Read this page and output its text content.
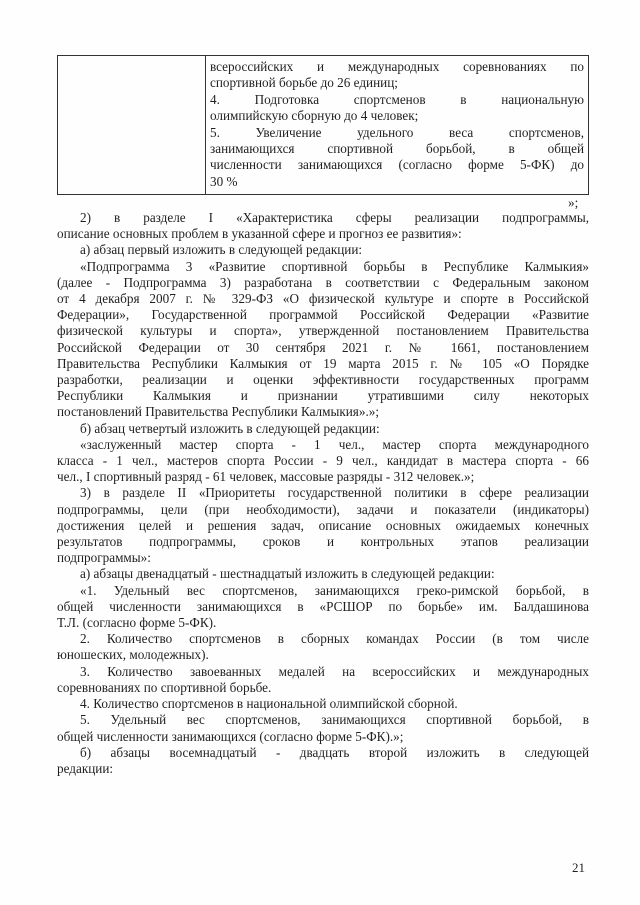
всероссийских и международных соревнованиях по
спортивной борьбе до 26 единиц;
4. Подготовка спортсменов в национальную
олимпийскую сборную до 4 человек;
5. Увеличение удельного веса спортсменов,
занимающихся спортивной борьбой, в общей
численности занимающихся (согласно форме 5-ФК) до
30 %
»;
2) в разделе I «Характеристика сферы реализации подпрограммы,
описание основных проблем в указанной сфере и прогноз ее развития»:
а) абзац первый изложить в следующей редакции:
«Подпрограмма 3 «Развитие спортивной борьбы в Республике Калмыкия»
(далее - Подпрограмма 3) разработана в соответствии с Федеральным законом
от 4 декабря 2007 г. № 329-ФЗ «О физической культуре и спорте в Российской
Федерации», Государственной программой Российской Федерации «Развитие
физической культуры и спорта», утвержденной постановлением Правительства
Российской Федерации от 30 сентября 2021 г. № 1661, постановлением
Правительства Республики Калмыкия от 19 марта 2015 г. № 105 «О Порядке
разработки, реализации и оценки эффективности государственных программ
Республики Калмыкия и признании утратившими силу некоторых
постановлений Правительства Республики Калмыкия».»;
б) абзац четвертый изложить в следующей редакции:
«заслуженный мастер спорта - 1 чел., мастер спорта международного
класса - 1 чел., мастеров спорта России - 9 чел., кандидат в мастера спорта - 66
чел., I спортивный разряд - 61 человек, массовые разряды - 312 человек.»;
3) в разделе II «Приоритеты государственной политики в сфере реализации
подпрограммы, цели (при необходимости), задачи и показатели (индикаторы)
достижения целей и решения задач, описание основных ожидаемых конечных
результатов подпрограммы, сроков и контрольных этапов реализации
подпрограммы»:
а) абзацы двенадцатый - шестнадцатый изложить в следующей редакции:
«1. Удельный вес спортсменов, занимающихся греко-римской борьбой, в
общей численности занимающихся в «РСШОР по борьбе» им. Балдашинова
Т.Л. (согласно форме 5-ФК).
2. Количество спортсменов в сборных командах России (в том числе
юношеских, молодежных).
3. Количество завоеванных медалей на всероссийских и международных
соревнованиях по спортивной борьбе.
4. Количество спортсменов в национальной олимпийской сборной.
5. Удельный вес спортсменов, занимающихся спортивной борьбой, в
общей численности занимающихся (согласно форме 5-ФК).»;
б) абзацы восемнадцатый - двадцать второй изложить в следующей
редакции:
21
